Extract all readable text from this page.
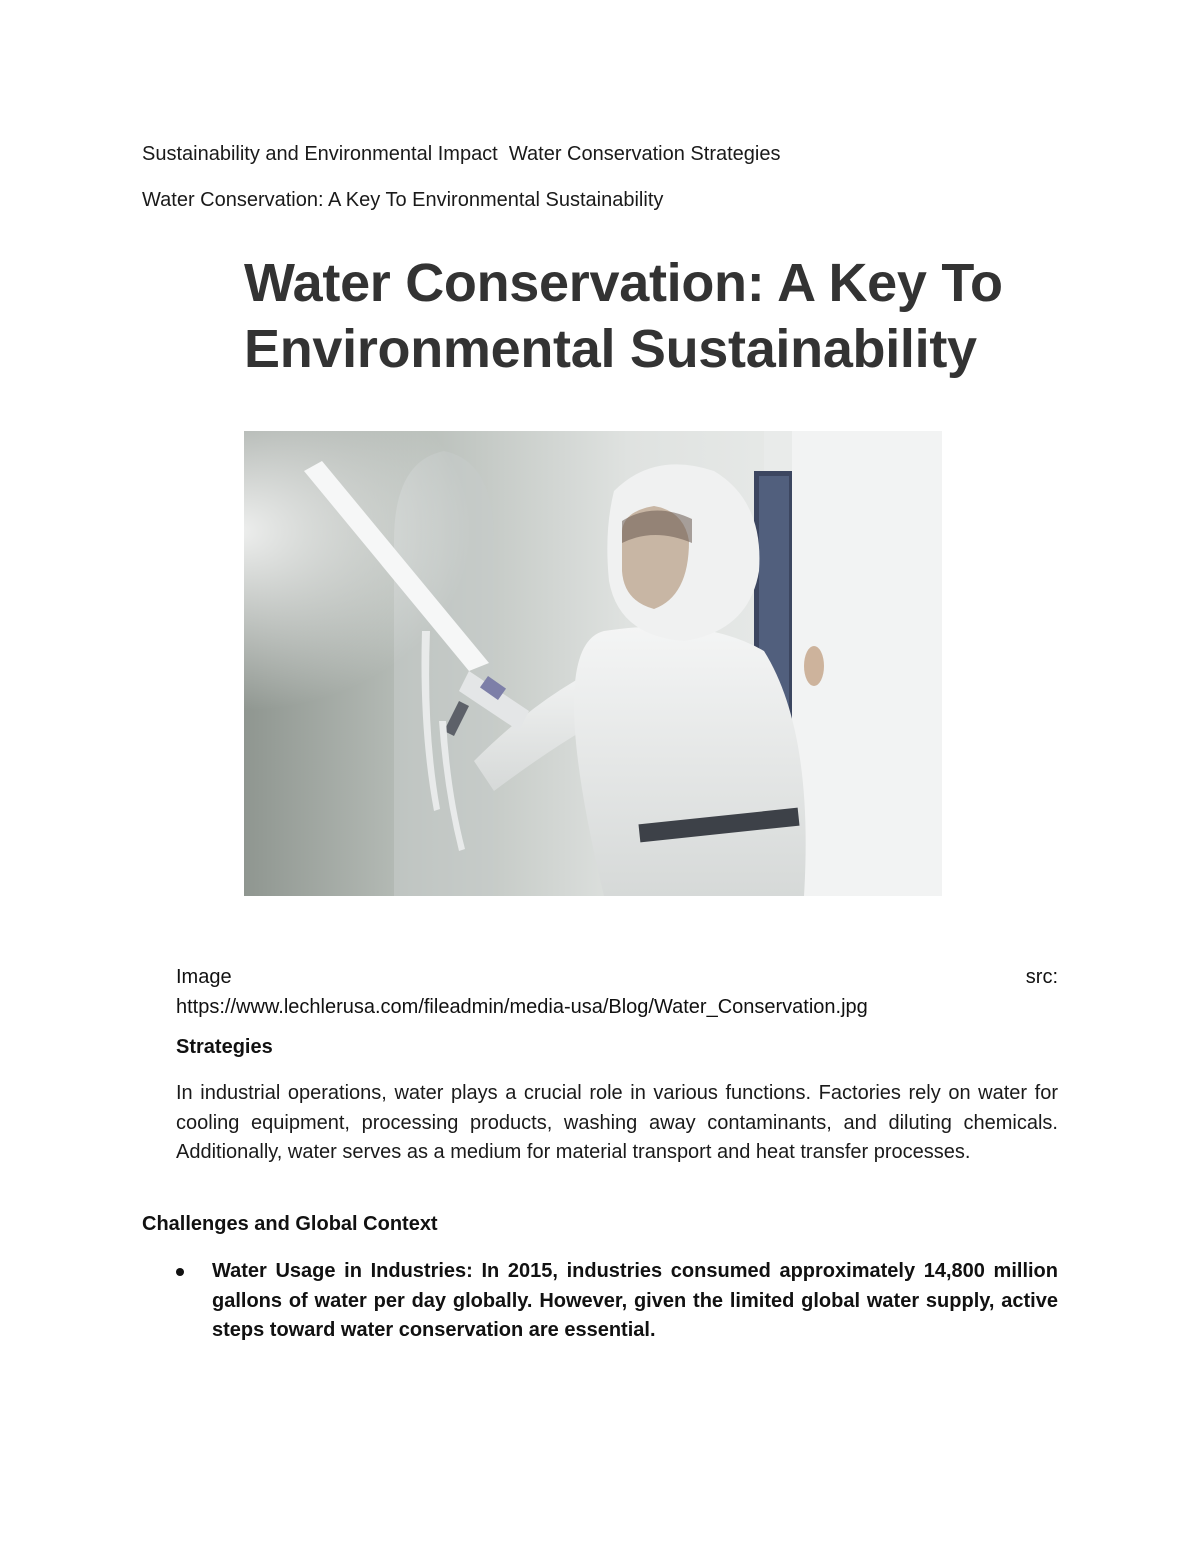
Sustainability and Environmental Impact Water Conservation Strategies
Water Conservation: A Key To Environmental Sustainability
Water Conservation: A Key To
Environmental Sustainability
Image	src:
https://www.lechlerusa.com/fileadmin/media-usa/Blog/Water_Conservation.jpg
Strategies
In industrial operations, water plays a crucial role in various functions. Factories rely on water for cooling equipment, processing products, washing away contaminants, and diluting chemicals. Additionally, water serves as a medium for material transport and heat transfer processes.
Challenges and Global Context
Water Usage in Industries: In 2015, industries consumed approximately 14,800 million gallons of water per day globally. However, given the limited global water supply, active steps toward water conservation are essential.
